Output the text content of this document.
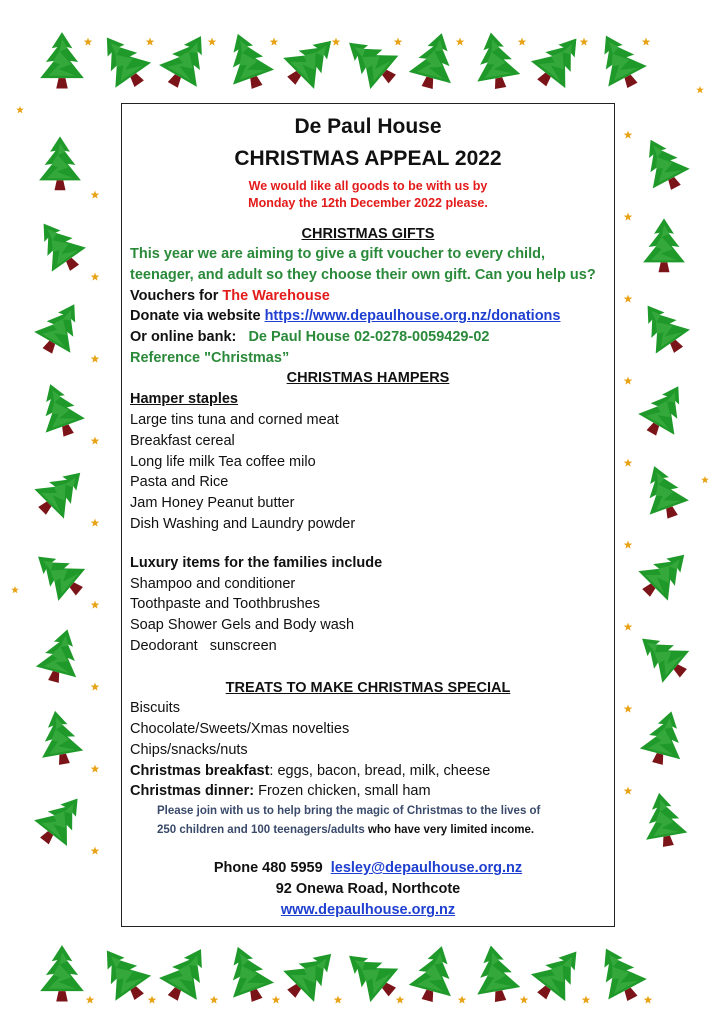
De Paul House
CHRISTMAS APPEAL 2022
We would like all goods to be with us by
Monday the 12th December 2022 please.
CHRISTMAS GIFTS
This year we are aiming to give a gift voucher to every child,
teenager, and adult so they choose their own gift. Can you help us?
Vouchers for The Warehouse
Donate via website https://www.depaulhouse.org.nz/donations
Or online bank: De Paul House 02-0278-0059429-02
Reference "Christmas”
CHRISTMAS HAMPERS
Hamper staples
Large tins tuna and corned meat
Breakfast cereal
Long life milk Tea coffee milo
Pasta and Rice
Jam Honey Peanut butter
Dish Washing and Laundry powder
Luxury items for the families include
Shampoo and conditioner
Toothpaste and Toothbrushes
Soap Shower Gels and Body wash
Deodorant   sunscreen
TREATS TO MAKE CHRISTMAS SPECIAL
Biscuits
Chocolate/Sweets/Xmas novelties
Chips/snacks/nuts
Christmas breakfast: eggs, bacon, bread, milk, cheese
Christmas dinner: Frozen chicken, small ham
Please join with us to help bring the magic of Christmas to the lives of
250 children and 100 teenagers/adults who have very limited income.
Phone 480 5959 lesley@depaulhouse.org.nz
92 Onewa Road, Northcote
www.depaulhouse.org.nz
